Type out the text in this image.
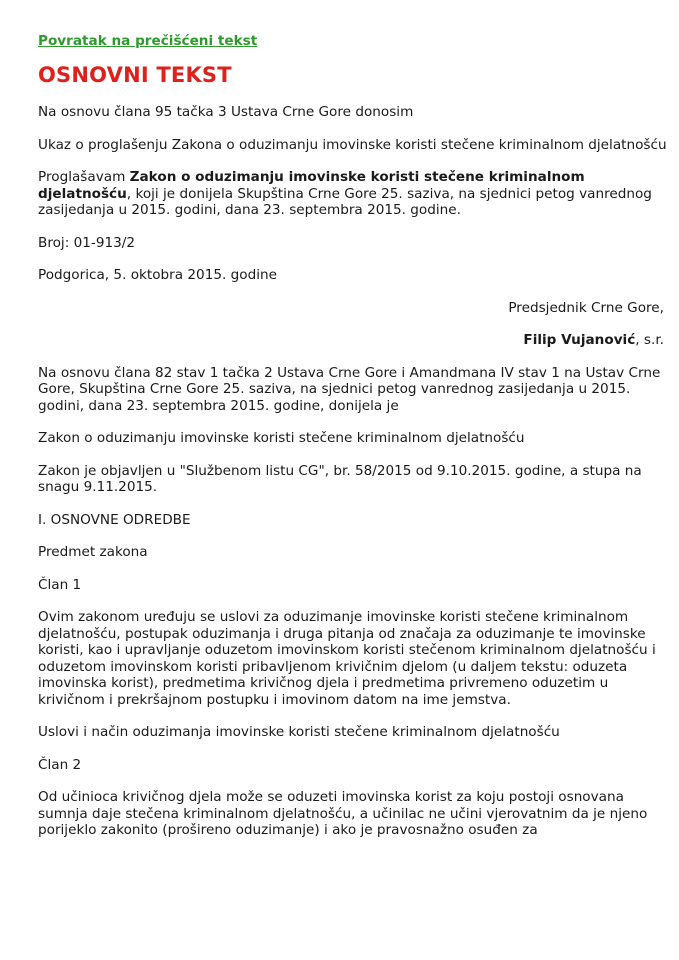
Povratak na prečišćeni tekst
OSNOVNI TEKST

Na osnovu člana 95 tačka 3 Ustava Crne Gore donosim

Ukaz o proglašenju Zakona o oduzimanju imovinske koristi stečene kriminalnom djelatnošću

Proglašavam Zakon o oduzimanju imovinske koristi stečene kriminalnom djelatnošću, koji je donijela Skupština Crne Gore 25. saziva, na sjednici petog vanrednog zasijedanja u 2015. godini, dana 23. septembra 2015. godine.

Broj: 01-913/2

Podgorica, 5. oktobra 2015. godine

Predsjednik Crne Gore,

Filip Vujanović, s.r.

Na osnovu člana 82 stav 1 tačka 2 Ustava Crne Gore i Amandmana IV stav 1 na Ustav Crne Gore, Skupština Crne Gore 25. saziva, na sjednici petog vanrednog zasijedanja u 2015. godini, dana 23. septembra 2015. godine, donijela je

Zakon o oduzimanju imovinske koristi stečene kriminalnom djelatnošću

Zakon je objavljen u "Službenom listu CG", br. 58/2015 od 9.10.2015. godine, a stupa na snagu 9.11.2015.

I. OSNOVNE ODREDBE

Predmet zakona

Član 1

Ovim zakonom uređuju se uslovi za oduzimanje imovinske koristi stečene kriminalnom djelatnošću, postupak oduzimanja i druga pitanja od značaja za oduzimanje te imovinske koristi, kao i upravljanje oduzetom imovinskom koristi stečenom kriminalnom djelatnošću i oduzetom imovinskom koristi pribavljenom krivičnim djelom (u daljem tekstu: oduzeta imovinska korist), predmetima krivičnog djela i predmetima privremeno oduzetim u krivičnom i prekršajnom postupku i imovinom datom na ime jemstva.

Uslovi i način oduzimanja imovinske koristi stečene kriminalnom djelatnošću

Član 2

Od učinioca krivičnog djela može se oduzeti imovinska korist za koju postoji osnovana sumnja daje stečena kriminalnom djelatnošću, a učinilac ne učini vjerovatnim da je njeno porijeklo zakonito (prošireno oduzimanje) i ako je pravosnažno osuđen za
